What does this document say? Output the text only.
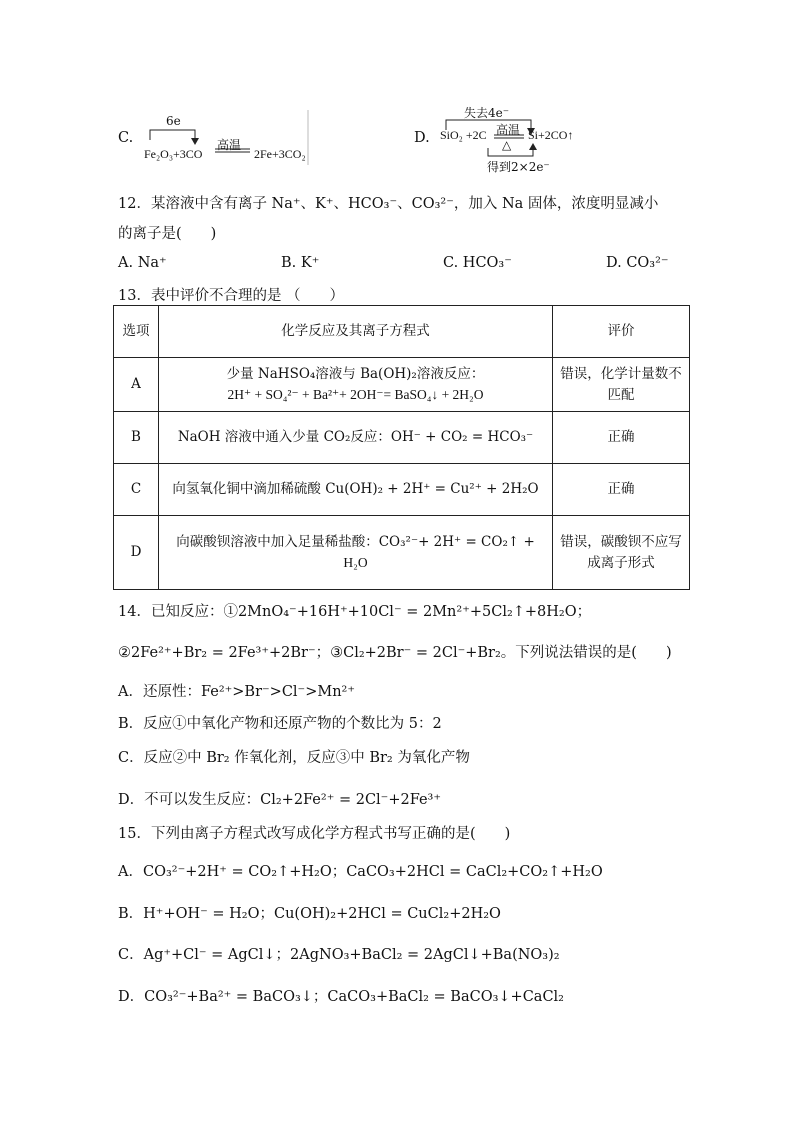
C.
6e
Fe₂O₃+3CO
高温
2Fe+3CO₂
D.
失去4e⁻
SiO₂ +2C 高温
△
Si+2CO↑
得到2×2e⁻
12．某溶液中含有离子 Na⁺、K⁺、HCO₃⁻、CO₃²⁻，加入 Na 固体，浓度明显减小
的离子是(　　)
A. Na⁺	B. K⁺	C. HCO₃⁻	D. CO₃²⁻
13．表中评价不合理的是 （　　）
选项	化学反应及其离子方程式	评价
A	少量 NaHSO₄溶液与 Ba(OH)₂溶液反应：
2H⁺ + SO₄²⁻ + Ba²⁺+ 2OH⁻= BaSO₄↓ + 2H₂O	错误，化学计量数不匹配
B	NaOH 溶液中通入少量 CO₂反应：OH⁻ + CO₂ = HCO₃⁻	正确
C	向氢氧化铜中滴加稀硫酸 Cu(OH)₂ + 2H⁺ = Cu²⁺ + 2H₂O	正确
D	向碳酸钡溶液中加入足量稀盐酸：CO₃²⁻+ 2H⁺ = CO₂↑ +
H₂O	错误，碳酸钡不应写成离子形式
14．已知反应：①2MnO₄⁻+16H⁺+10Cl⁻ = 2Mn²⁺+5Cl₂↑+8H₂O；
②2Fe²⁺+Br₂ = 2Fe³⁺+2Br⁻；③Cl₂+2Br⁻ = 2Cl⁻+Br₂。下列说法错误的是(　　)
A．还原性：Fe²⁺>Br⁻>Cl⁻>Mn²⁺
B．反应①中氧化产物和还原产物的个数比为 5：2
C．反应②中 Br₂ 作氧化剂，反应③中 Br₂ 为氧化产物
D．不可以发生反应：Cl₂+2Fe²⁺ = 2Cl⁻+2Fe³⁺
15．下列由离子方程式改写成化学方程式书写正确的是(　　)
A．CO₃²⁻+2H⁺ = CO₂↑+H₂O；CaCO₃+2HCl = CaCl₂+CO₂↑+H₂O
B．H⁺+OH⁻ = H₂O；Cu(OH)₂+2HCl = CuCl₂+2H₂O
C．Ag⁺+Cl⁻ = AgCl↓；2AgNO₃+BaCl₂ = 2AgCl↓+Ba(NO₃)₂
D．CO₃²⁻+Ba²⁺ = BaCO₃↓；CaCO₃+BaCl₂ = BaCO₃↓+CaCl₂
